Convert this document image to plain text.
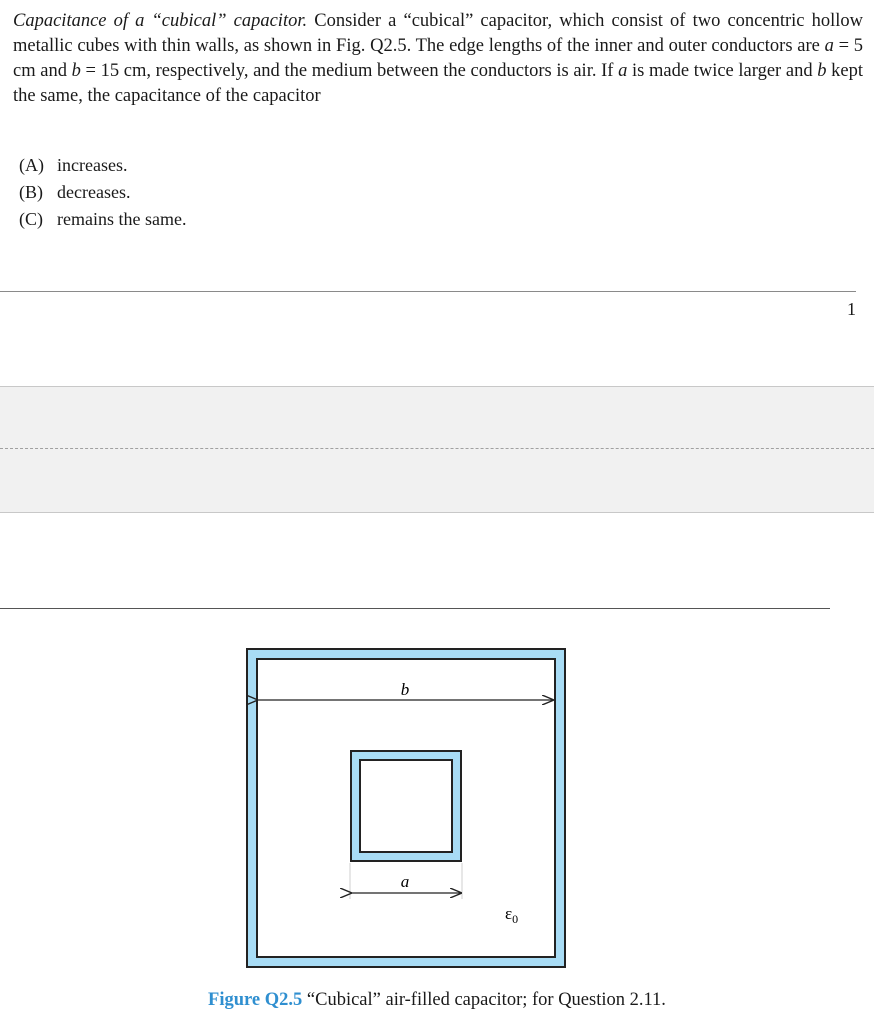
Capacitance of a “cubical” capacitor. Consider a “cubical” capacitor, which consist of two concentric hollow metallic cubes with thin walls, as shown in Fig. Q2.5. The edge lengths of the inner and outer conductors are a = 5 cm and b = 15 cm, respectively, and the medium between the conductors is air. If a is made twice larger and b kept the same, the capacitance of the capacitor

(A) increases.
(B) decreases.
(C) remains the same.
1
b
a
$\varepsilon_0$
Figure Q2.5 “Cubical” air-filled capacitor; for Question 2.11.
